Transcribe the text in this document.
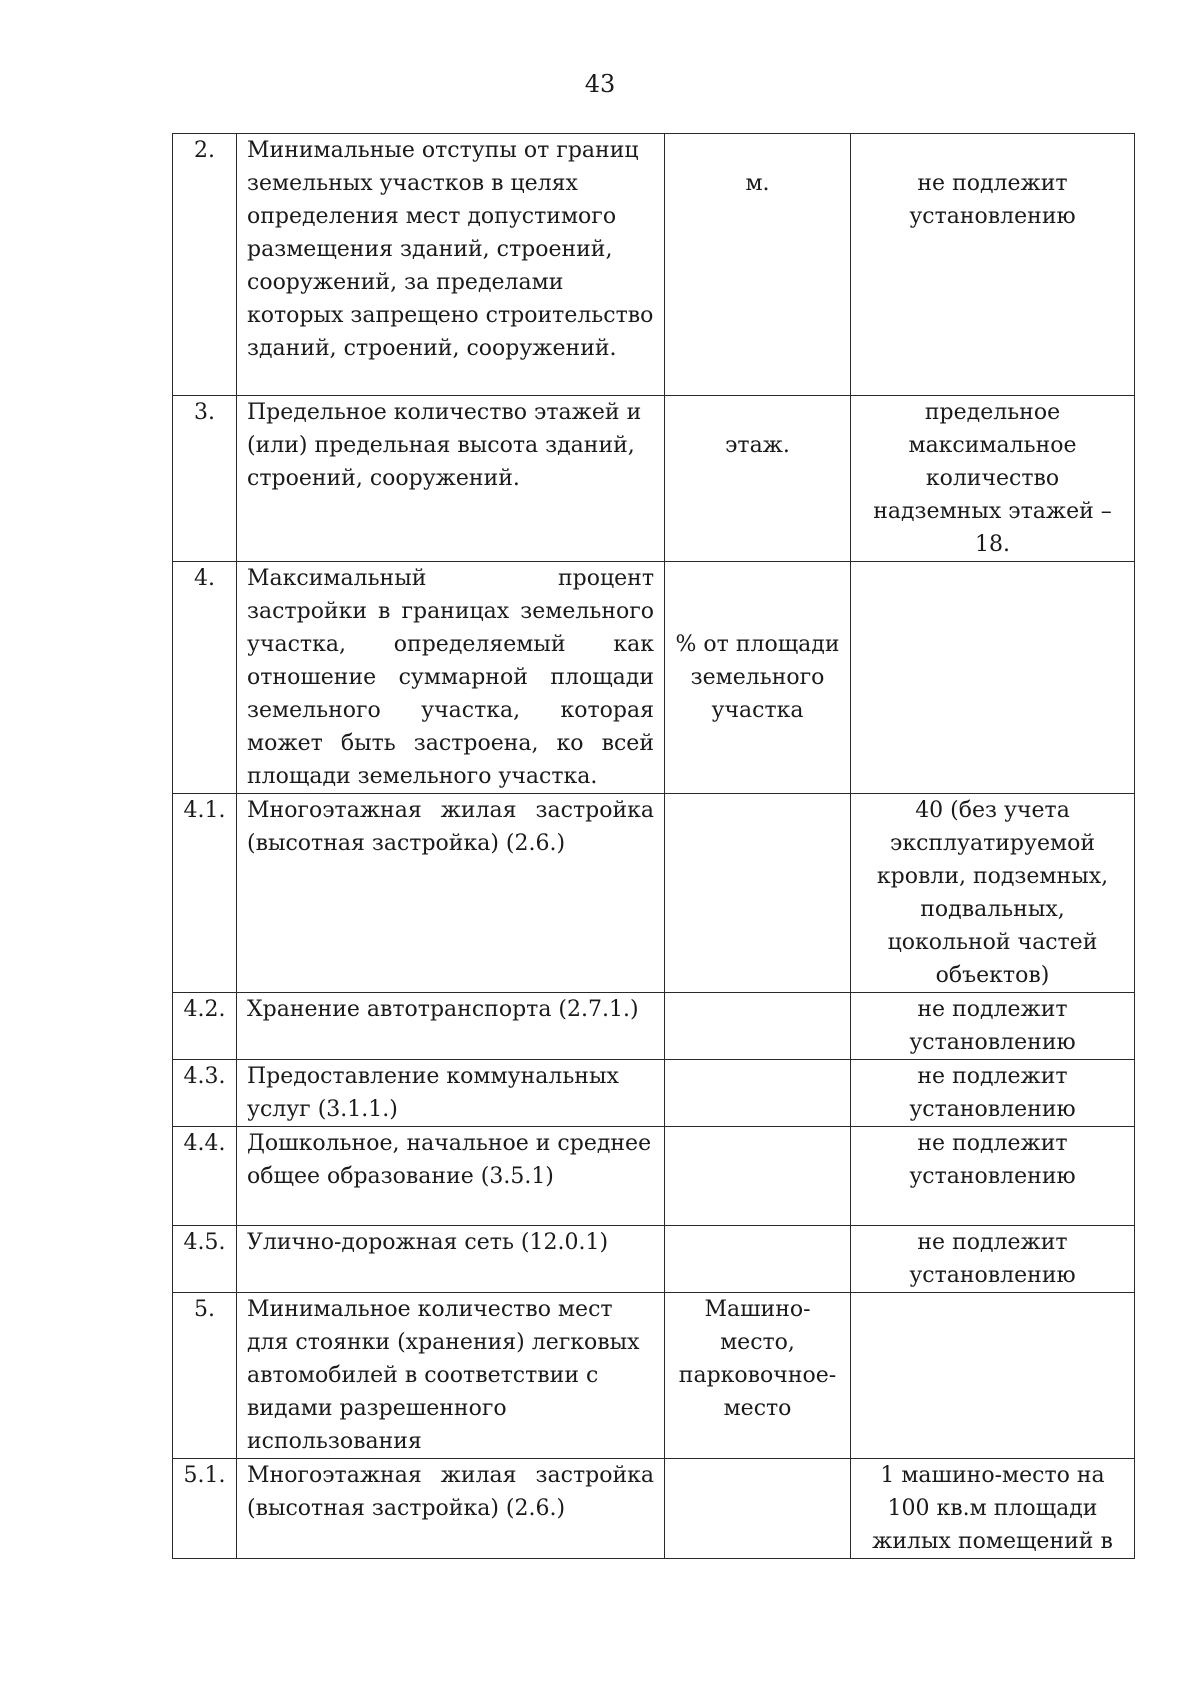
43
2.	Минимальные отступы от границ земельных участков в целях определения мест допустимого размещения зданий, строений, сооружений, за пределами которых запрещено строительство зданий, строений, сооружений.	м.	не подлежит установлению
3.	Предельное количество этажей и (или) предельная высота зданий, строений, сооружений.	этаж.	предельное максимальное количество надземных этажей – 18.
4.	Максимальный процент застройки в границах земельного участка, определяемый как отношение суммарной площади земельного участка, которая может быть застроена, ко всей площади земельного участка.	% от площади земельного участка	
4.1.	Многоэтажная жилая застройка (высотная застройка) (2.6.)		40 (без учета эксплуатируемой кровли, подземных, подвальных, цокольной частей объектов)
4.2.	Хранение автотранспорта (2.7.1.)		не подлежит установлению
4.3.	Предоставление коммунальных услуг (3.1.1.)		не подлежит установлению
4.4.	Дошкольное, начальное и среднее общее образование (3.5.1)		не подлежит установлению
4.5.	Улично-дорожная сеть (12.0.1)		не подлежит установлению
5.	Минимальное количество мест для стоянки (хранения) легковых автомобилей в соответствии с видами разрешенного использования	Машино-место, парковочное-место	
5.1.	Многоэтажная жилая застройка (высотная застройка) (2.6.)		1 машино-место на 100 кв.м площади жилых помещений в
